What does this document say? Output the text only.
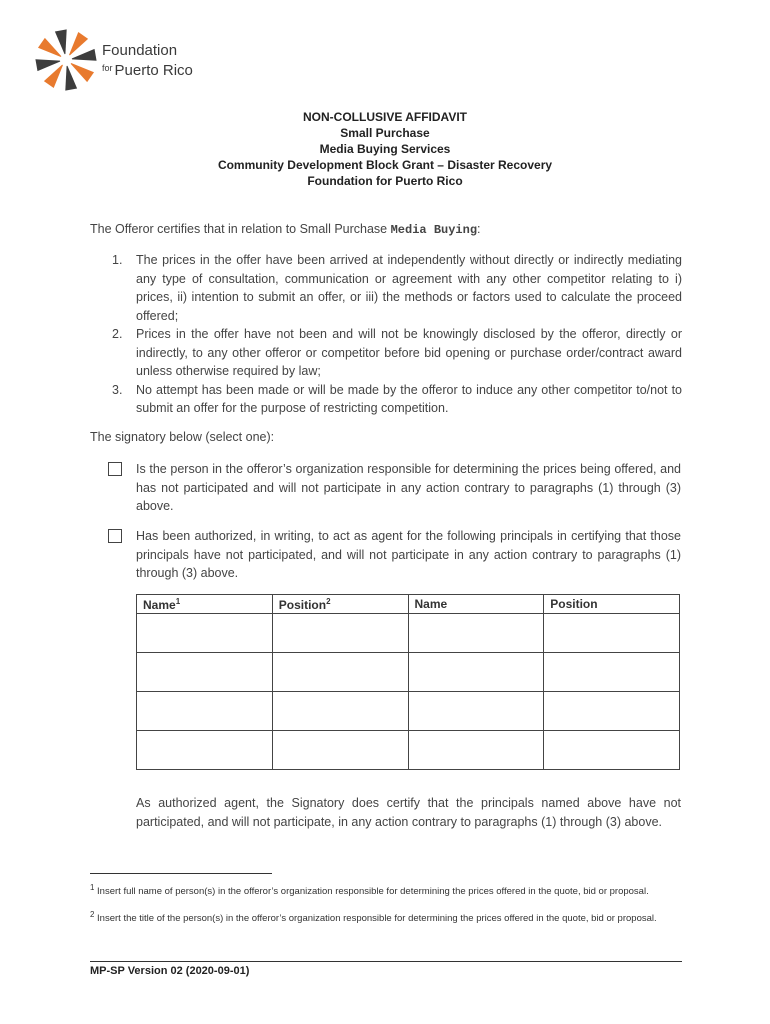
Foundation
$^{for}$ Puerto Rico
NON-COLLUSIVE AFFIDAVIT
Small Purchase
Media Buying Services
Community Development Block Grant – Disaster Recovery
Foundation for Puerto Rico
The Offeror certifies that in relation to Small Purchase Media Buying:
1. The prices in the offer have been arrived at independently without directly or indirectly mediating any type of consultation, communication or agreement with any other competitor relating to i) prices, ii) intention to submit an offer, or iii) the methods or factors used to calculate the proceed offered;
2. Prices in the offer have not been and will not be knowingly disclosed by the offeror, directly or indirectly, to any other offeror or competitor before bid opening or purchase order/contract award unless otherwise required by law;
3. No attempt has been made or will be made by the offeror to induce any other competitor to/not to submit an offer for the purpose of restricting competition.
The signatory below (select one):
Is the person in the offeror’s organization responsible for determining the prices being offered, and has not participated and will not participate in any action contrary to paragraphs (1) through (3) above.
Has been authorized, in writing, to act as agent for the following principals in certifying that those principals have not participated, and will not participate in any action contrary to paragraphs (1) through (3) above.
Name$^1$	Position$^2$	Name	Position

As authorized agent, the Signatory does certify that the principals named above have not participated, and will not participate, in any action contrary to paragraphs (1) through (3) above.
$^1$ Insert full name of person(s) in the offeror’s organization responsible for determining the prices offered in the quote, bid or proposal.
$^2$ Insert the title of the person(s) in the offeror’s organization responsible for determining the prices offered in the quote, bid or proposal.
MP-SP Version 02 (2020-09-01)
